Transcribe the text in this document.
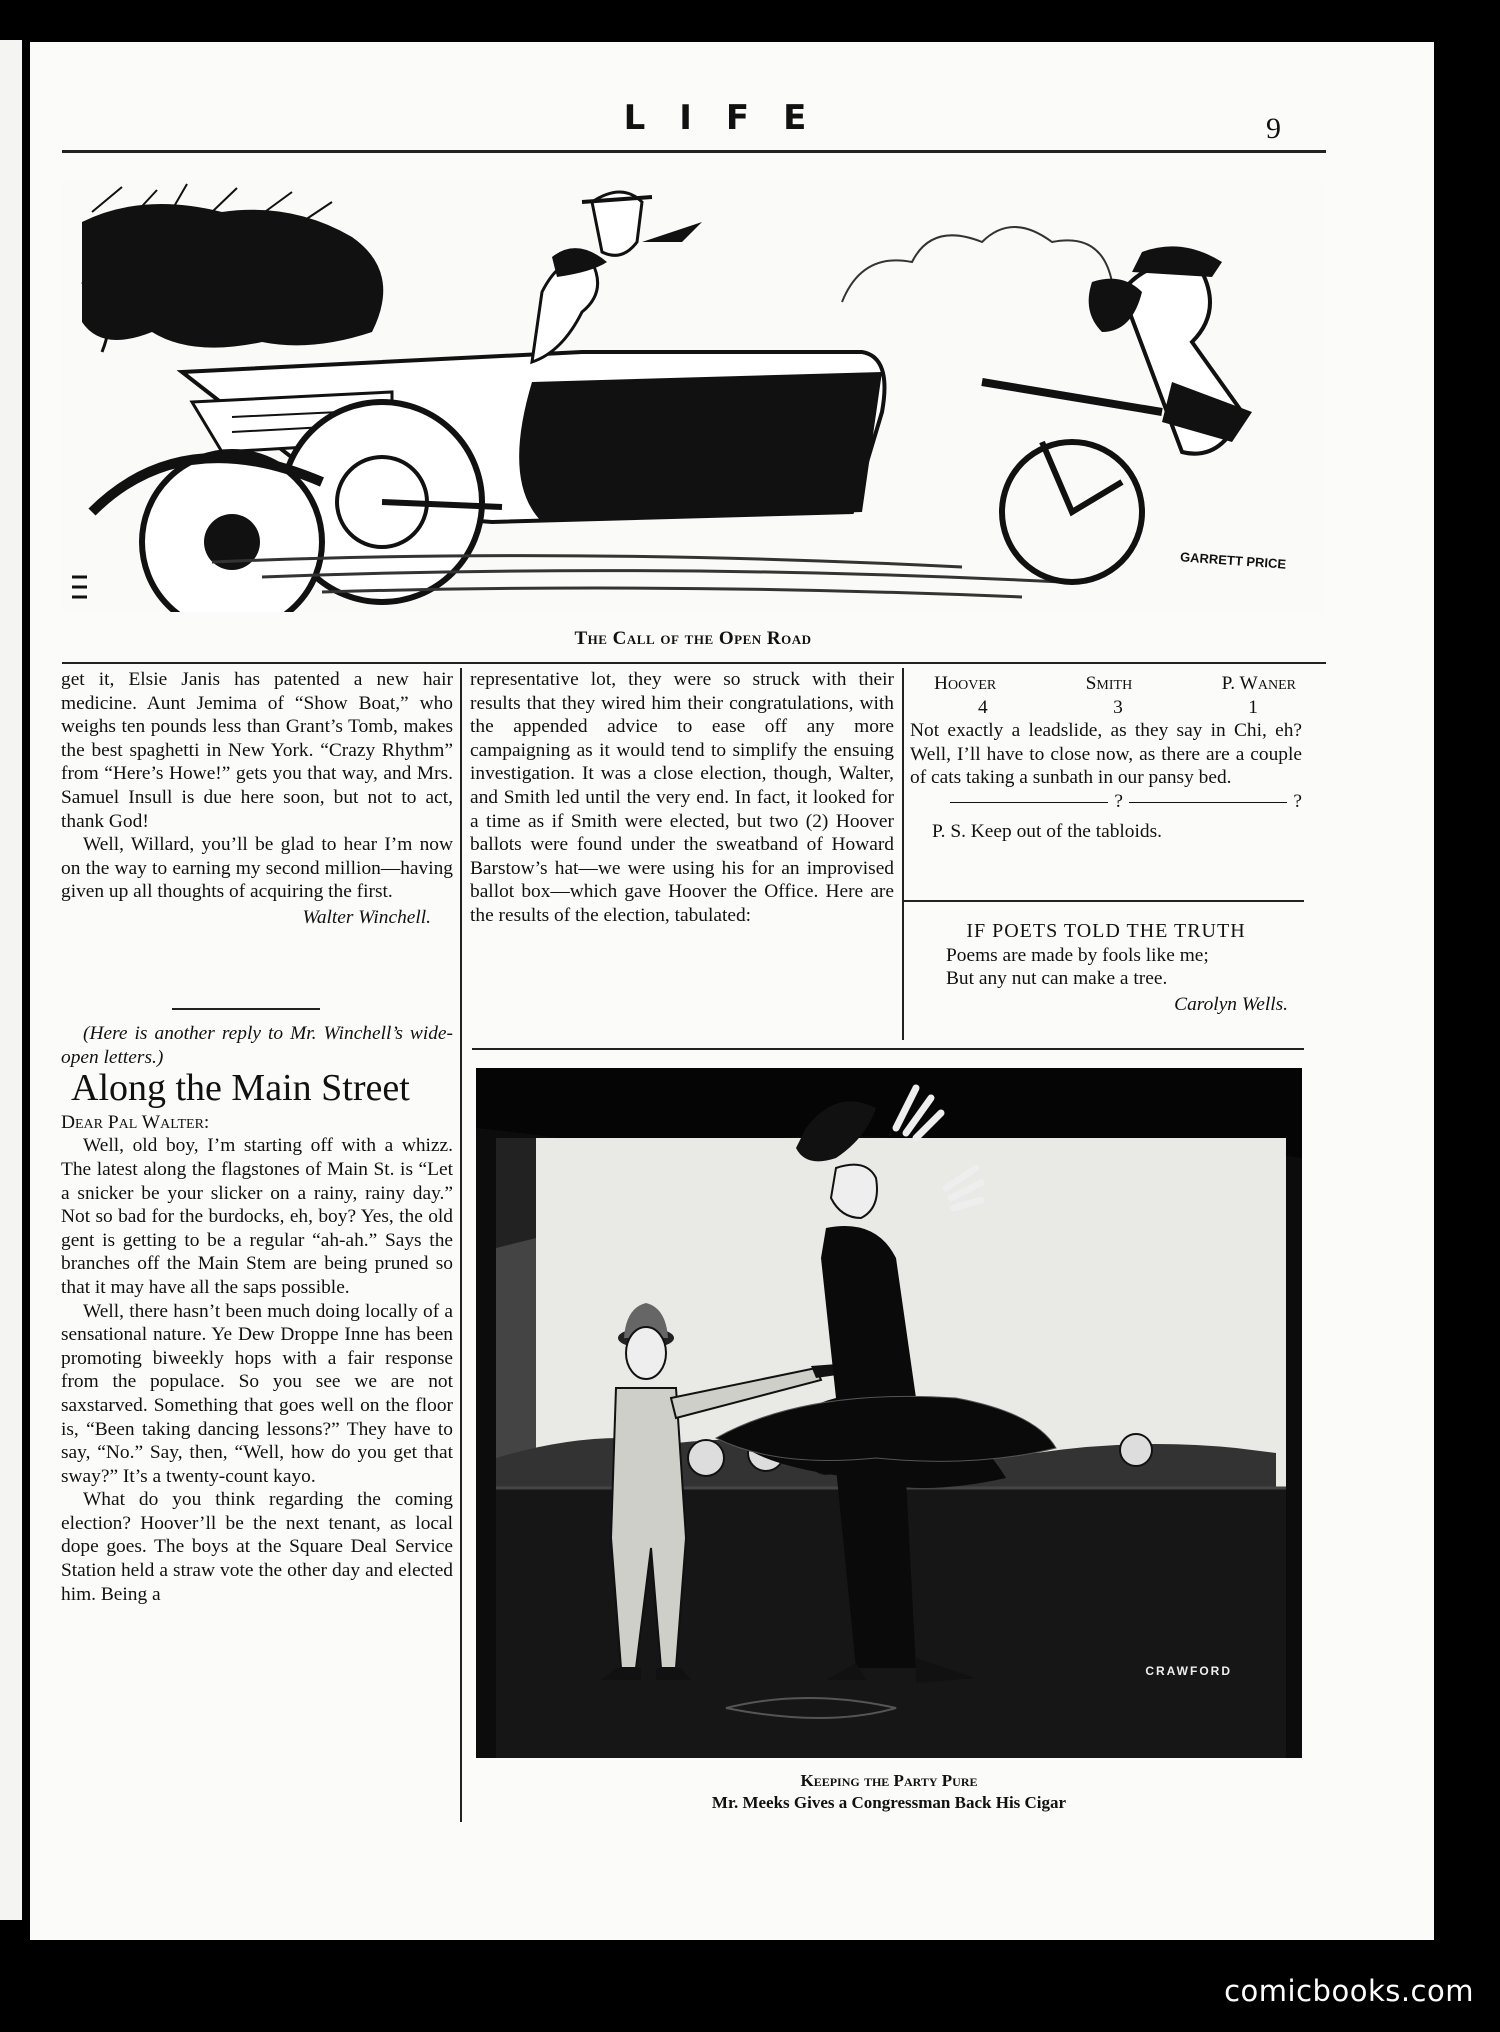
LIFE	9
GARRETT PRICE
The Call of the Open Road

get it, Elsie Janis has patented a new hair medicine. Aunt Jemima of “Show Boat,” who weighs ten pounds less than Grant’s Tomb, makes the best spaghetti in New York. “Crazy Rhythm” from “Here’s Howe!” gets you that way, and Mrs. Samuel Insull is due here soon, but not to act, thank God!

Well, Willard, you’ll be glad to hear I’m now on the way to earning my second million—having given up all thoughts of acquiring the first.

Walter Winchell.

(Here is another reply to Mr. Winchell’s wide-open letters.)

Along the Main Street

Dear Pal Walter:

Well, old boy, I’m starting off with a whizz. The latest along the flagstones of Main St. is “Let a snicker be your slicker on a rainy, rainy day.” Not so bad for the burdocks, eh, boy? Yes, the old gent is getting to be a regular “ah-ah.” Says the branches off the Main Stem are being pruned so that it may have all the saps possible.

Well, there hasn’t been much doing locally of a sensational nature. Ye Dew Droppe Inne has been promoting biweekly hops with a fair response from the populace. So you see we are not saxstarved. Something that goes well on the floor is, “Been taking dancing lessons?” They have to say, “No.” Say, then, “Well, how do you get that sway?” It’s a twenty-count kayo.

What do you think regarding the coming election? Hoover’ll be the next tenant, as local dope goes. The boys at the Square Deal Service Station held a straw vote the other day and elected him. Being a

representative lot, they were so struck with their results that they wired him their congratulations, with the appended advice to ease off any more campaigning as it would tend to simplify the ensuing investigation. It was a close election, though, Walter, and Smith led until the very end. In fact, it looked for a time as if Smith were elected, but two (2) Hoover ballots were found under the sweatband of Howard Barstow’s hat—we were using his for an improvised ballot box—which gave Hoover the Office. Here are the results of the election, tabulated:

Hoover	Smith	P. Waner
4	3	1

Not exactly a leadslide, as they say in Chi, eh? Well, I’ll have to close now, as there are a couple of cats taking a sunbath in our pansy bed.

?	?

P. S. Keep out of the tabloids.

IF POETS TOLD THE TRUTH
Poems are made by fools like me;
But any nut can make a tree.
Carolyn Wells.
CRAWFORD
Keeping the Party Pure
Mr. Meeks Gives a Congressman Back His Cigar
comicbooks.com
